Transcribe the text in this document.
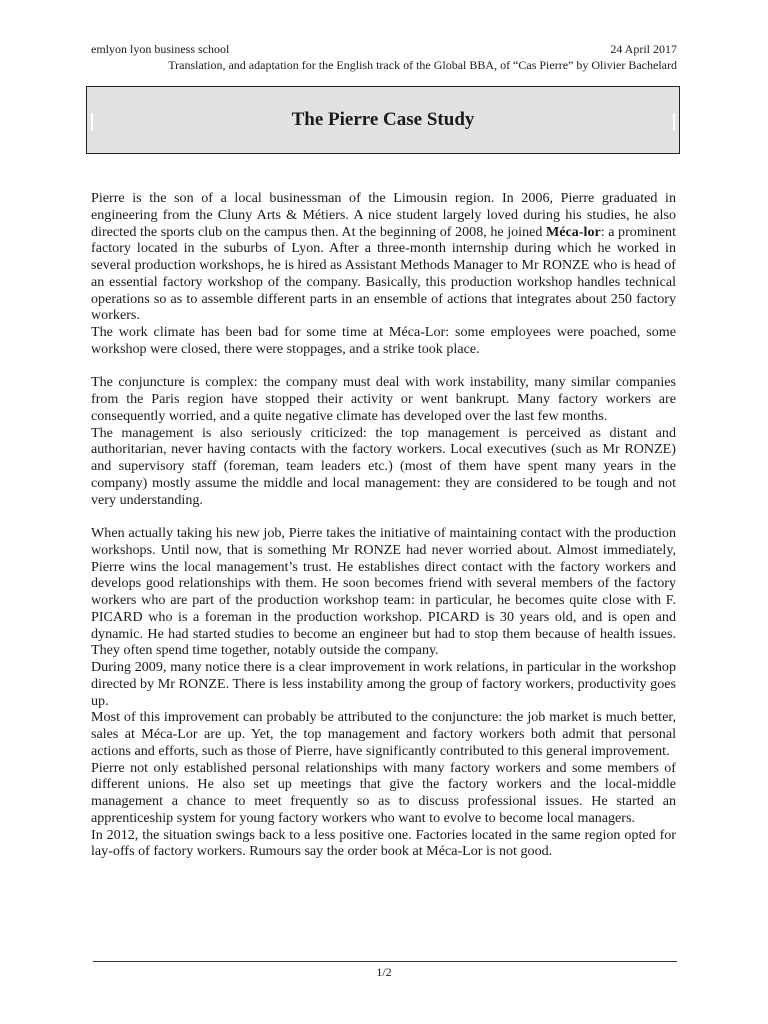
emlyon lyon business school	24 April 2017
Translation, and adaptation for the English track of the Global BBA, of “Cas Pierre” by Olivier Bachelard
The Pierre Case Study

Pierre is the son of a local businessman of the Limousin region. In 2006, Pierre graduated in engineering from the Cluny Arts & Métiers. A nice student largely loved during his studies, he also directed the sports club on the campus then. At the beginning of 2008, he joined Méca-lor: a prominent factory located in the suburbs of Lyon. After a three-month internship during which he worked in several production workshops, he is hired as Assistant Methods Manager to Mr RONZE who is head of an essential factory workshop of the company. Basically, this production workshop handles technical operations so as to assemble different parts in an ensemble of actions that integrates about 250 factory workers.

The work climate has been bad for some time at Méca-Lor: some employees were poached, some workshop were closed, there were stoppages, and a strike took place.

The conjuncture is complex: the company must deal with work instability, many similar companies from the Paris region have stopped their activity or went bankrupt. Many factory workers are consequently worried, and a quite negative climate has developed over the last few months.

The management is also seriously criticized: the top management is perceived as distant and authoritarian, never having contacts with the factory workers. Local executives (such as Mr RONZE) and supervisory staff (foreman, team leaders etc.) (most of them have spent many years in the company) mostly assume the middle and local management: they are considered to be tough and not very understanding.

When actually taking his new job, Pierre takes the initiative of maintaining contact with the production workshops. Until now, that is something Mr RONZE had never worried about. Almost immediately, Pierre wins the local management’s trust. He establishes direct contact with the factory workers and develops good relationships with them. He soon becomes friend with several members of the factory workers who are part of the production workshop team: in particular, he becomes quite close with F. PICARD who is a foreman in the production workshop. PICARD is 30 years old, and is open and dynamic. He had started studies to become an engineer but had to stop them because of health issues. They often spend time together, notably outside the company.

During 2009, many notice there is a clear improvement in work relations, in particular in the workshop directed by Mr RONZE. There is less instability among the group of factory workers, productivity goes up.

Most of this improvement can probably be attributed to the conjuncture: the job market is much better, sales at Méca-Lor are up. Yet, the top management and factory workers both admit that personal actions and efforts, such as those of Pierre, have significantly contributed to this general improvement.

Pierre not only established personal relationships with many factory workers and some members of different unions. He also set up meetings that give the factory workers and the local-middle management a chance to meet frequently so as to discuss professional issues. He started an apprenticeship system for young factory workers who want to evolve to become local managers.

In 2012, the situation swings back to a less positive one. Factories located in the same region opted for lay-offs of factory workers. Rumours say the order book at Méca-Lor is not good.

1/2
